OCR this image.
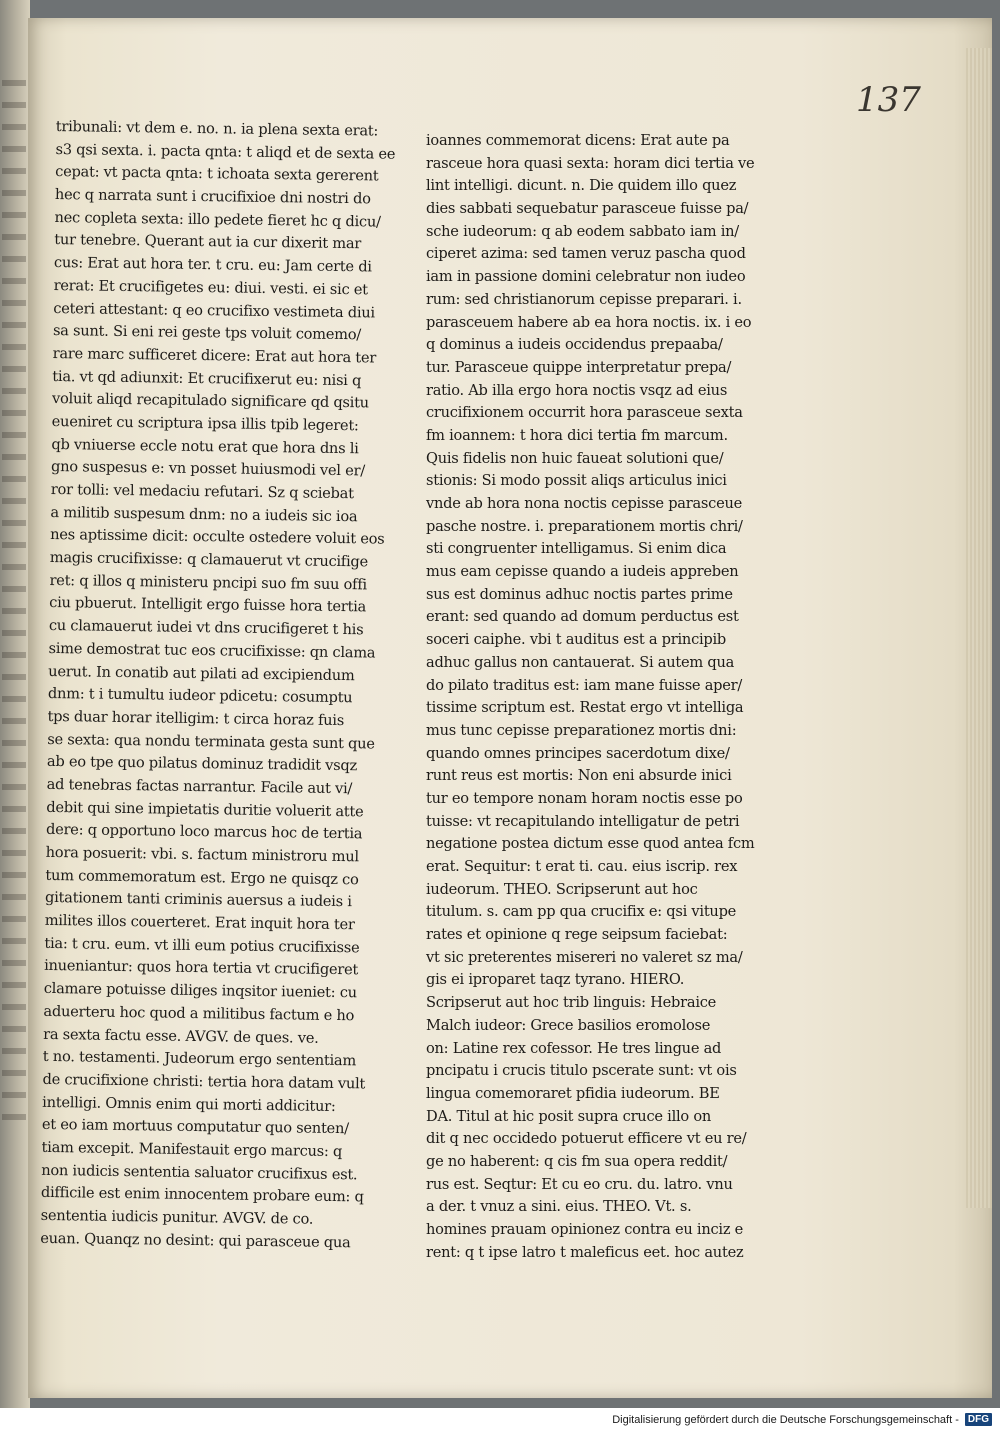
137
tribunali: vt dem e. no. n. ia plena sexta erat:
s3 qsi sexta. i. pacta qnta: t aliqd et de sexta ee
cepat: vt pacta qnta: t ichoata sexta gererent
hec q narrata sunt i crucifixioe dni nostri do
nec copleta sexta: illo pedete fieret hc q dicu/
tur tenebre. Querant aut ia cur dixerit mar
cus: Erat aut hora ter. t cru. eu: Jam certe di
rerat: Et crucifigetes eu: diui. vesti. ei sic et
ceteri attestant: q eo crucifixo vestimeta diui
sa sunt. Si eni rei geste tps voluit comemo/
rare marc sufficeret dicere: Erat aut hora ter
tia. vt qd adiunxit: Et crucifixerut eu: nisi q
voluit aliqd recapitulado significare qd qsitu
eueniret cu scriptura ipsa illis tpib legeret:
qb vniuerse eccle notu erat que hora dns li
gno suspesus e: vn posset huiusmodi vel er/
ror tolli: vel medaciu refutari. Sz q sciebat
a militib suspesum dnm: no a iudeis sic ioa
nes aptissime dicit: occulte ostedere voluit eos
magis crucifixisse: q clamauerut vt crucifige
ret: q illos q ministeru pncipi suo fm suu offi
ciu pbuerut. Intelligit ergo fuisse hora tertia
cu clamauerut iudei vt dns crucifigeret t his
sime demostrat tuc eos crucifixisse: qn clama
uerut. In conatib aut pilati ad excipiendum
dnm: t i tumultu iudeor pdicetu: cosumptu
tps duar horar itelligim: t circa horaz fuis
se sexta: qua nondu terminata gesta sunt que
ab eo tpe quo pilatus dominuz tradidit vsqz
ad tenebras factas narrantur. Facile aut vi/
debit qui sine impietatis duritie voluerit atte
dere: q opportuno loco marcus hoc de tertia
hora posuerit: vbi. s. factum ministroru mul
tum commemoratum est. Ergo ne quisqz co
gitationem tanti criminis auersus a iudeis i
milites illos couerteret. Erat inquit hora ter
tia: t cru. eum. vt illi eum potius crucifixisse
inueniantur: quos hora tertia vt crucifigeret
clamare potuisse diliges inqsitor iueniet: cu
aduerteru hoc quod a militibus factum e ho
ra sexta factu esse. AVGV. de ques. ve.
t no. testamenti. Judeorum ergo sententiam
de crucifixione christi: tertia hora datam vult
intelligi. Omnis enim qui morti addicitur:
et eo iam mortuus computatur quo senten/
tiam excepit. Manifestauit ergo marcus: q
non iudicis sententia saluator crucifixus est.
difficile est enim innocentem probare eum: q
sententia iudicis punitur. AVGV. de co.
euan. Quanqz no desint: qui parasceue qua
ioannes commemorat dicens: Erat aute pa
rasceue hora quasi sexta: horam dici tertia ve
lint intelligi. dicunt. n. Die quidem illo quez
dies sabbati sequebatur parasceue fuisse pa/
sche iudeorum: q ab eodem sabbato iam in/
ciperet azima: sed tamen veruz pascha quod
iam in passione domini celebratur non iudeo
rum: sed christianorum cepisse preparari. i.
parasceuem habere ab ea hora noctis. ix. i eo
q dominus a iudeis occidendus prepaaba/
tur. Parasceue quippe interpretatur prepa/
ratio. Ab illa ergo hora noctis vsqz ad eius
crucifixionem occurrit hora parasceue sexta
fm ioannem: t hora dici tertia fm marcum.
Quis fidelis non huic faueat solutioni que/
stionis: Si modo possit aliqs articulus inici
vnde ab hora nona noctis cepisse parasceue
pasche nostre. i. preparationem mortis chri/
sti congruenter intelligamus. Si enim dica
mus eam cepisse quando a iudeis appreben
sus est dominus adhuc noctis partes prime
erant: sed quando ad domum perductus est
soceri caiphe. vbi t auditus est a principib
adhuc gallus non cantauerat. Si autem qua
do pilato traditus est: iam mane fuisse aper/
tissime scriptum est. Restat ergo vt intelliga
mus tunc cepisse preparationez mortis dni:
quando omnes principes sacerdotum dixe/
runt reus est mortis: Non eni absurde inici
tur eo tempore nonam horam noctis esse po
tuisse: vt recapitulando intelligatur de petri
negatione postea dictum esse quod antea fcm
erat. Sequitur: t erat ti. cau. eius iscrip. rex
iudeorum. THEO. Scripserunt aut hoc
titulum. s. cam pp qua crucifix e: qsi vitupe
rates et opinione q rege seipsum faciebat:
vt sic preterentes misereri no valeret sz ma/
gis ei iproparet taqz tyrano. HIERO.
Scripserut aut hoc trib linguis: Hebraice
Malch iudeor: Grece basilios eromolose
on: Latine rex cofessor. He tres lingue ad
pncipatu i crucis titulo pscerate sunt: vt ois
lingua comemoraret pfidia iudeorum. BE
DA. Titul at hic posit supra cruce illo on
dit q nec occidedo potuerut efficere vt eu re/
ge no haberent: q cis fm sua opera reddit/
rus est. Seqtur: Et cu eo cru. du. latro. vnu
a der. t vnuz a sini. eius. THEO. Vt. s.
homines prauam opinionez contra eu inciz e
rent: q t ipse latro t maleficus eet. hoc autez
Digitalisierung gefördert durch die Deutsche Forschungsgemeinschaft - DFG
